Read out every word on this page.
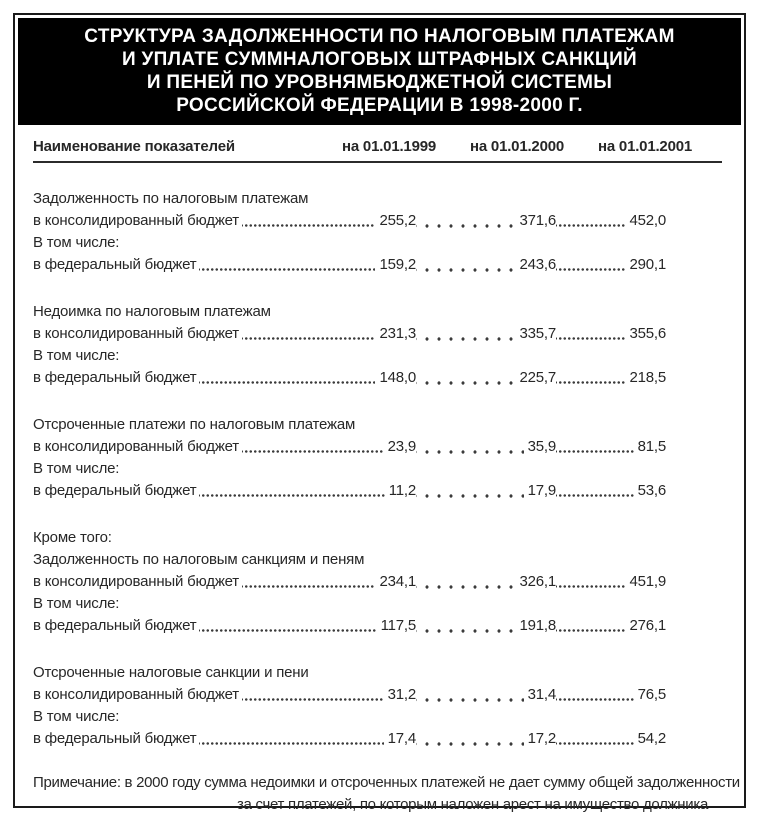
СТРУКТУРА ЗАДОЛЖЕННОСТИ ПО НАЛОГОВЫМ ПЛАТЕЖАМ
И УПЛАТЕ СУММНАЛОГОВЫХ ШТРАФНЫХ САНКЦИЙ
И ПЕНЕЙ ПО УРОВНЯМБЮДЖЕТНОЙ СИСТЕМЫ
РОССИЙСКОЙ ФЕДЕРАЦИИ В 1998-2000 Г.
Наименование показателей	на 01.01.1999	на 01.01.2000	на 01.01.2001
Задолженность по налоговым платежам
в консолидированный бюджет	255,2	371,6	452,0
В том числе:
в федеральный бюджет	159,2	243,6	290,1
Недоимка по налоговым платежам
в консолидированный бюджет	231,3	335,7	355,6
В том числе:
в федеральный бюджет	148,0	225,7	218,5
Отсроченные платежи по налоговым платежам
в консолидированный бюджет	23,9	35,9	81,5
В том числе:
в федеральный бюджет	11,2	17,9	53,6
Кроме того:
Задолженность по налоговым санкциям и пеням
в консолидированный бюджет	234,1	326,1	451,9
В том числе:
в федеральный бюджет	117,5	191,8	276,1
Отсроченные налоговые санкции и пени
в консолидированный бюджет	31,2	31,4	76,5
В том числе:
в федеральный бюджет	17,4	17,2	54,2
Примечание: в 2000 году сумма недоимки и отсроченных платежей не дает сумму общей задолженности
за счет платежей, по которым наложен арест на имущество должника
